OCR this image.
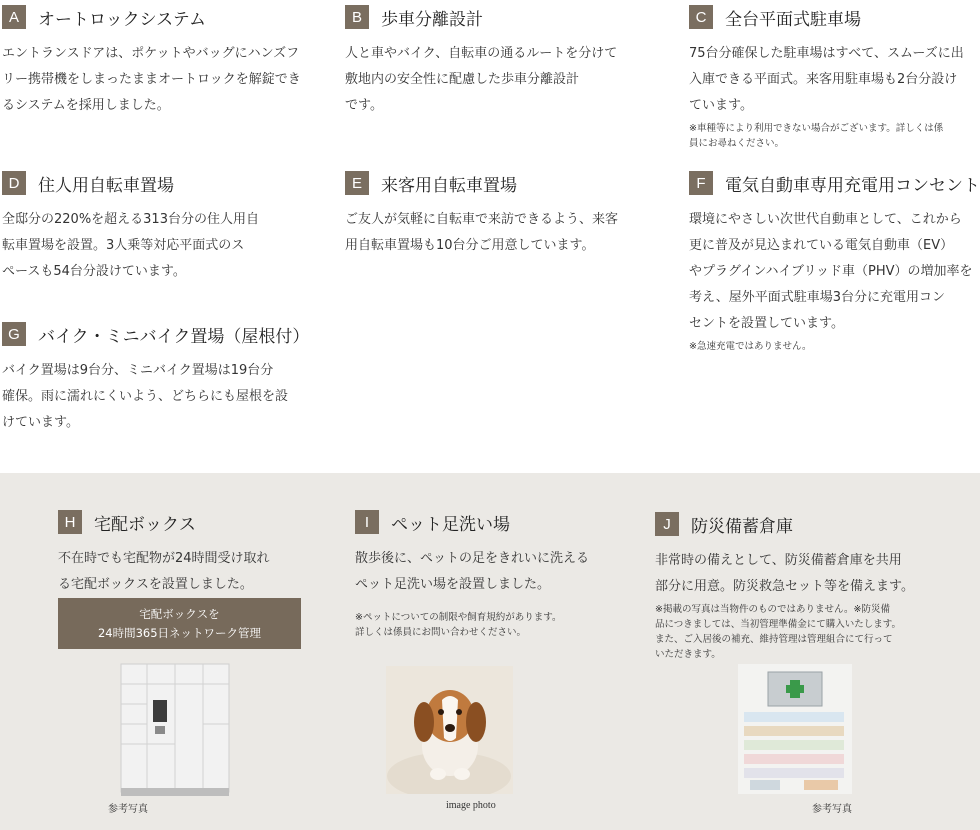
A	オートロックシステム
エントランスドアは、ポケットやバッグにハンズフ
リー携帯機をしまったままオートロックを解錠でき
るシステムを採用しました。
B	歩車分離設計
人と車やバイク、自転車の通るルートを分けて
敷地内の安全性に配慮した歩車分離設計
です。
C	全台平面式駐車場
75台分確保した駐車場はすべて、スムーズに出
入庫できる平面式。来客用駐車場も2台分設け
ています。
※車種等により利用できない場合がございます。詳しくは係
員にお尋ねください。
D	住人用自転車置場
全邸分の220%を超える313台分の住人用自
転車置場を設置。3人乗等対応平面式のス
ペースも54台分設けています。
E	来客用自転車置場
ご友人が気軽に自転車で来訪できるよう、来客
用自転車置場も10台分ご用意しています。
F	電気自動車専用充電用コンセント
環境にやさしい次世代自動車として、これから
更に普及が見込まれている電気自動車（EV）
やプラグインハイブリッド車（PHV）の増加率を
考え、屋外平面式駐車場3台分に充電用コン
セントを設置しています。
※急速充電ではありません。
G	バイク・ミニバイク置場（屋根付）
バイク置場は9台分、ミニバイク置場は19台分
確保。雨に濡れにくいよう、どちらにも屋根を設
けています。
H	宅配ボックス
不在時でも宅配物が24時間受け取れ
る宅配ボックスを設置しました。
I	ペット足洗い場
散歩後に、ペットの足をきれいに洗える
ペット足洗い場を設置しました。
※ペットについての制限や飼育規約があります。
詳しくは係員にお問い合わせください。
J	防災備蓄倉庫
非常時の備えとして、防災備蓄倉庫を共用
部分に用意。防災救急セット等を備えます。
※掲載の写真は当物件のものではありません。※防災備
品につきましては、当初管理準備金にて購入いたします。
また、ご入居後の補充、維持管理は管理組合にて行って
いただきます。
宅配ボックスを
24時間365日ネットワーク管理
参考写真	image photo	参考写真
